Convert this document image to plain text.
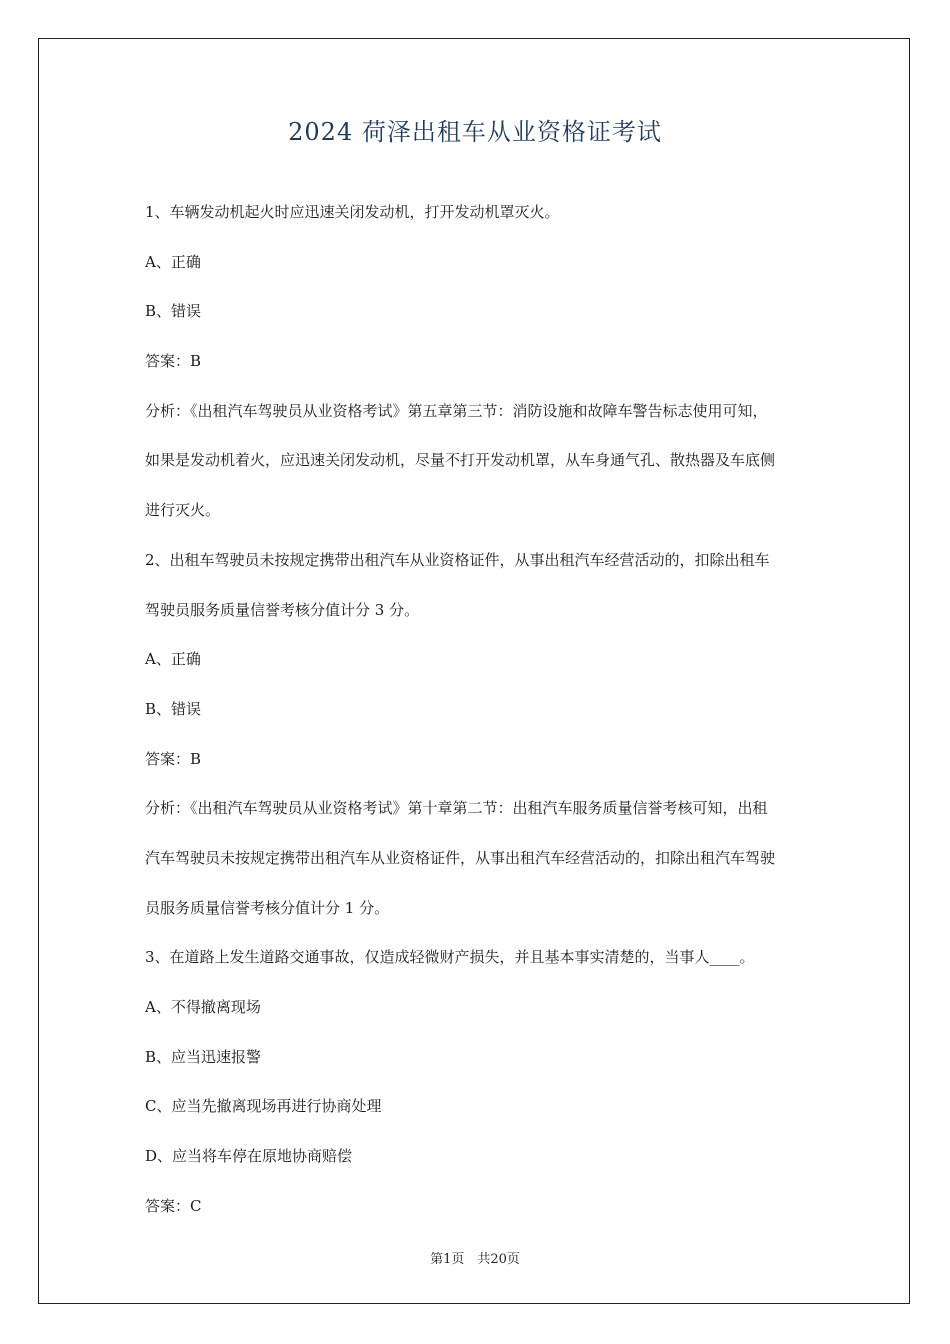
2024 荷泽出租车从业资格证考试
1、车辆发动机起火时应迅速关闭发动机，打开发动机罩灭火。
A、正确
B、错误
答案：B
分析：《出租汽车驾驶员从业资格考试》第五章第三节：消防设施和故障车警告标志使用可知，
如果是发动机着火，应迅速关闭发动机，尽量不打开发动机罩，从车身通气孔、散热器及车底侧
进行灭火。
2、出租车驾驶员未按规定携带出租汽车从业资格证件，从事出租汽车经营活动的，扣除出租车
驾驶员服务质量信誉考核分值计分 3 分。
A、正确
B、错误
答案：B
分析：《出租汽车驾驶员从业资格考试》第十章第二节：出租汽车服务质量信誉考核可知，出租
汽车驾驶员未按规定携带出租汽车从业资格证件，从事出租汽车经营活动的，扣除出租汽车驾驶
员服务质量信誉考核分值计分 1 分。
3、在道路上发生道路交通事故，仅造成轻微财产损失，并且基本事实清楚的，当事人____。
A、不得撤离现场
B、应当迅速报警
C、应当先撤离现场再进行协商处理
D、应当将车停在原地协商赔偿
答案：C
第1页　共20页
